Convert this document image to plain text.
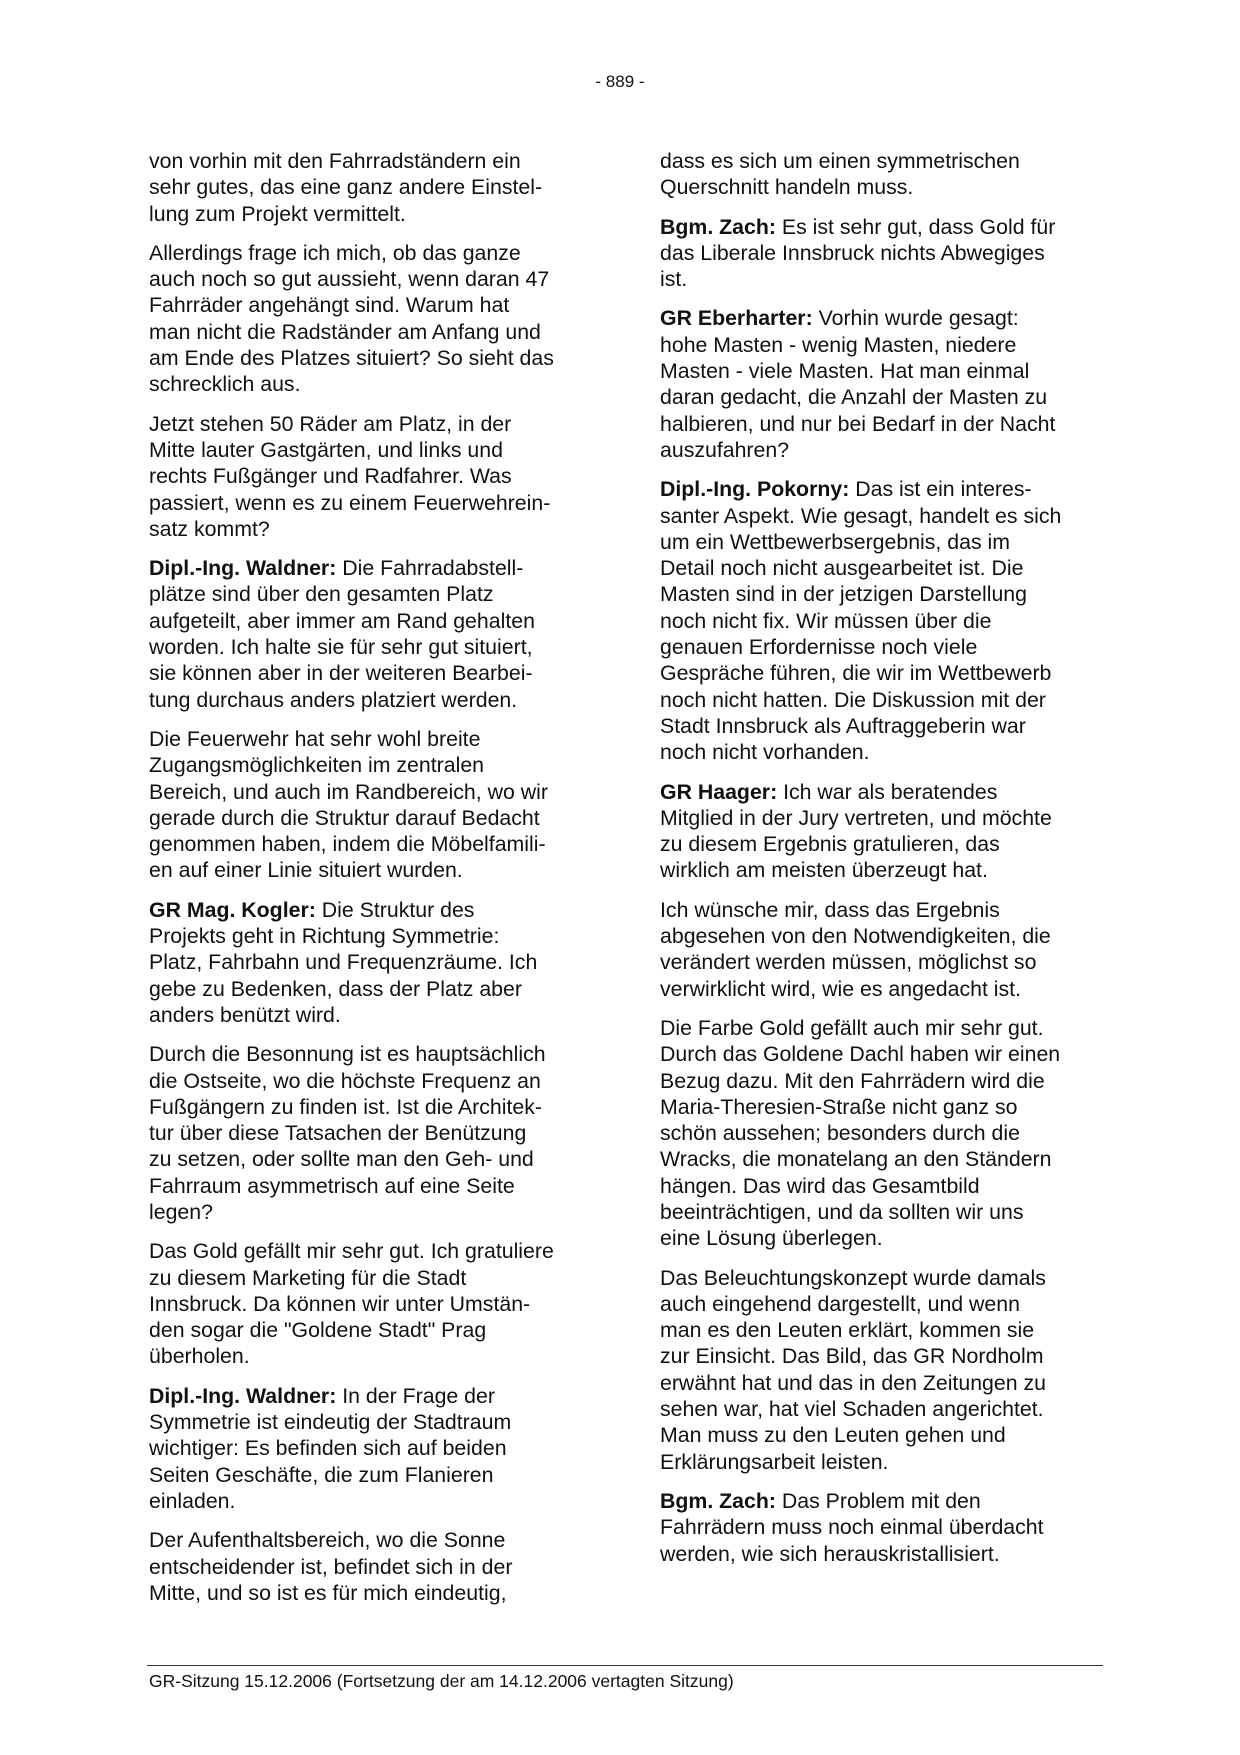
- 889 -

von vorhin mit den Fahrradständern ein
sehr gutes, das eine ganz andere Einstel-
lung zum Projekt vermittelt.

Allerdings frage ich mich, ob das ganze
auch noch so gut aussieht, wenn daran 47
Fahrräder angehängt sind. Warum hat
man nicht die Radständer am Anfang und
am Ende des Platzes situiert? So sieht das
schrecklich aus.

Jetzt stehen 50 Räder am Platz, in der
Mitte lauter Gastgärten, und links und
rechts Fußgänger und Radfahrer. Was
passiert, wenn es zu einem Feuerwehrein-
satz kommt?

Dipl.-Ing. Waldner: Die Fahrradabstell-
plätze sind über den gesamten Platz
aufgeteilt, aber immer am Rand gehalten
worden. Ich halte sie für sehr gut situiert,
sie können aber in der weiteren Bearbei-
tung durchaus anders platziert werden.

Die Feuerwehr hat sehr wohl breite
Zugangsmöglichkeiten im zentralen
Bereich, und auch im Randbereich, wo wir
gerade durch die Struktur darauf Bedacht
genommen haben, indem die Möbelfamili-
en auf einer Linie situiert wurden.

GR Mag. Kogler: Die Struktur des
Projekts geht in Richtung Symmetrie:
Platz, Fahrbahn und Frequenzräume. Ich
gebe zu Bedenken, dass der Platz aber
anders benützt wird.

Durch die Besonnung ist es hauptsächlich
die Ostseite, wo die höchste Frequenz an
Fußgängern zu finden ist. Ist die Architek-
tur über diese Tatsachen der Benützung
zu setzen, oder sollte man den Geh- und
Fahrraum asymmetrisch auf eine Seite
legen?

Das Gold gefällt mir sehr gut. Ich gratuliere
zu diesem Marketing für die Stadt
Innsbruck. Da können wir unter Umstän-
den sogar die "Goldene Stadt" Prag
überholen.

Dipl.-Ing. Waldner: In der Frage der
Symmetrie ist eindeutig der Stadtraum
wichtiger: Es befinden sich auf beiden
Seiten Geschäfte, die zum Flanieren
einladen.

Der Aufenthaltsbereich, wo die Sonne
entscheidender ist, befindet sich in der
Mitte, und so ist es für mich eindeutig,

dass es sich um einen symmetrischen
Querschnitt handeln muss.

Bgm. Zach: Es ist sehr gut, dass Gold für
das Liberale Innsbruck nichts Abwegiges
ist.

GR Eberharter: Vorhin wurde gesagt:
hohe Masten - wenig Masten, niedere
Masten - viele Masten. Hat man einmal
daran gedacht, die Anzahl der Masten zu
halbieren, und nur bei Bedarf in der Nacht
auszufahren?

Dipl.-Ing. Pokorny: Das ist ein interes-
santer Aspekt. Wie gesagt, handelt es sich
um ein Wettbewerbsergebnis, das im
Detail noch nicht ausgearbeitet ist. Die
Masten sind in der jetzigen Darstellung
noch nicht fix. Wir müssen über die
genauen Erfordernisse noch viele
Gespräche führen, die wir im Wettbewerb
noch nicht hatten. Die Diskussion mit der
Stadt Innsbruck als Auftraggeberin war
noch nicht vorhanden.

GR Haager: Ich war als beratendes
Mitglied in der Jury vertreten, und möchte
zu diesem Ergebnis gratulieren, das
wirklich am meisten überzeugt hat.

Ich wünsche mir, dass das Ergebnis
abgesehen von den Notwendigkeiten, die
verändert werden müssen, möglichst so
verwirklicht wird, wie es angedacht ist.

Die Farbe Gold gefällt auch mir sehr gut.
Durch das Goldene Dachl haben wir einen
Bezug dazu. Mit den Fahrrädern wird die
Maria-Theresien-Straße nicht ganz so
schön aussehen; besonders durch die
Wracks, die monatelang an den Ständern
hängen. Das wird das Gesamtbild
beeinträchtigen, und da sollten wir uns
eine Lösung überlegen.

Das Beleuchtungskonzept wurde damals
auch eingehend dargestellt, und wenn
man es den Leuten erklärt, kommen sie
zur Einsicht. Das Bild, das GR Nordholm
erwähnt hat und das in den Zeitungen zu
sehen war, hat viel Schaden angerichtet.
Man muss zu den Leuten gehen und
Erklärungsarbeit leisten.

Bgm. Zach: Das Problem mit den
Fahrrädern muss noch einmal überdacht
werden, wie sich herauskristallisiert.

GR-Sitzung 15.12.2006 (Fortsetzung der am 14.12.2006 vertagten Sitzung)
